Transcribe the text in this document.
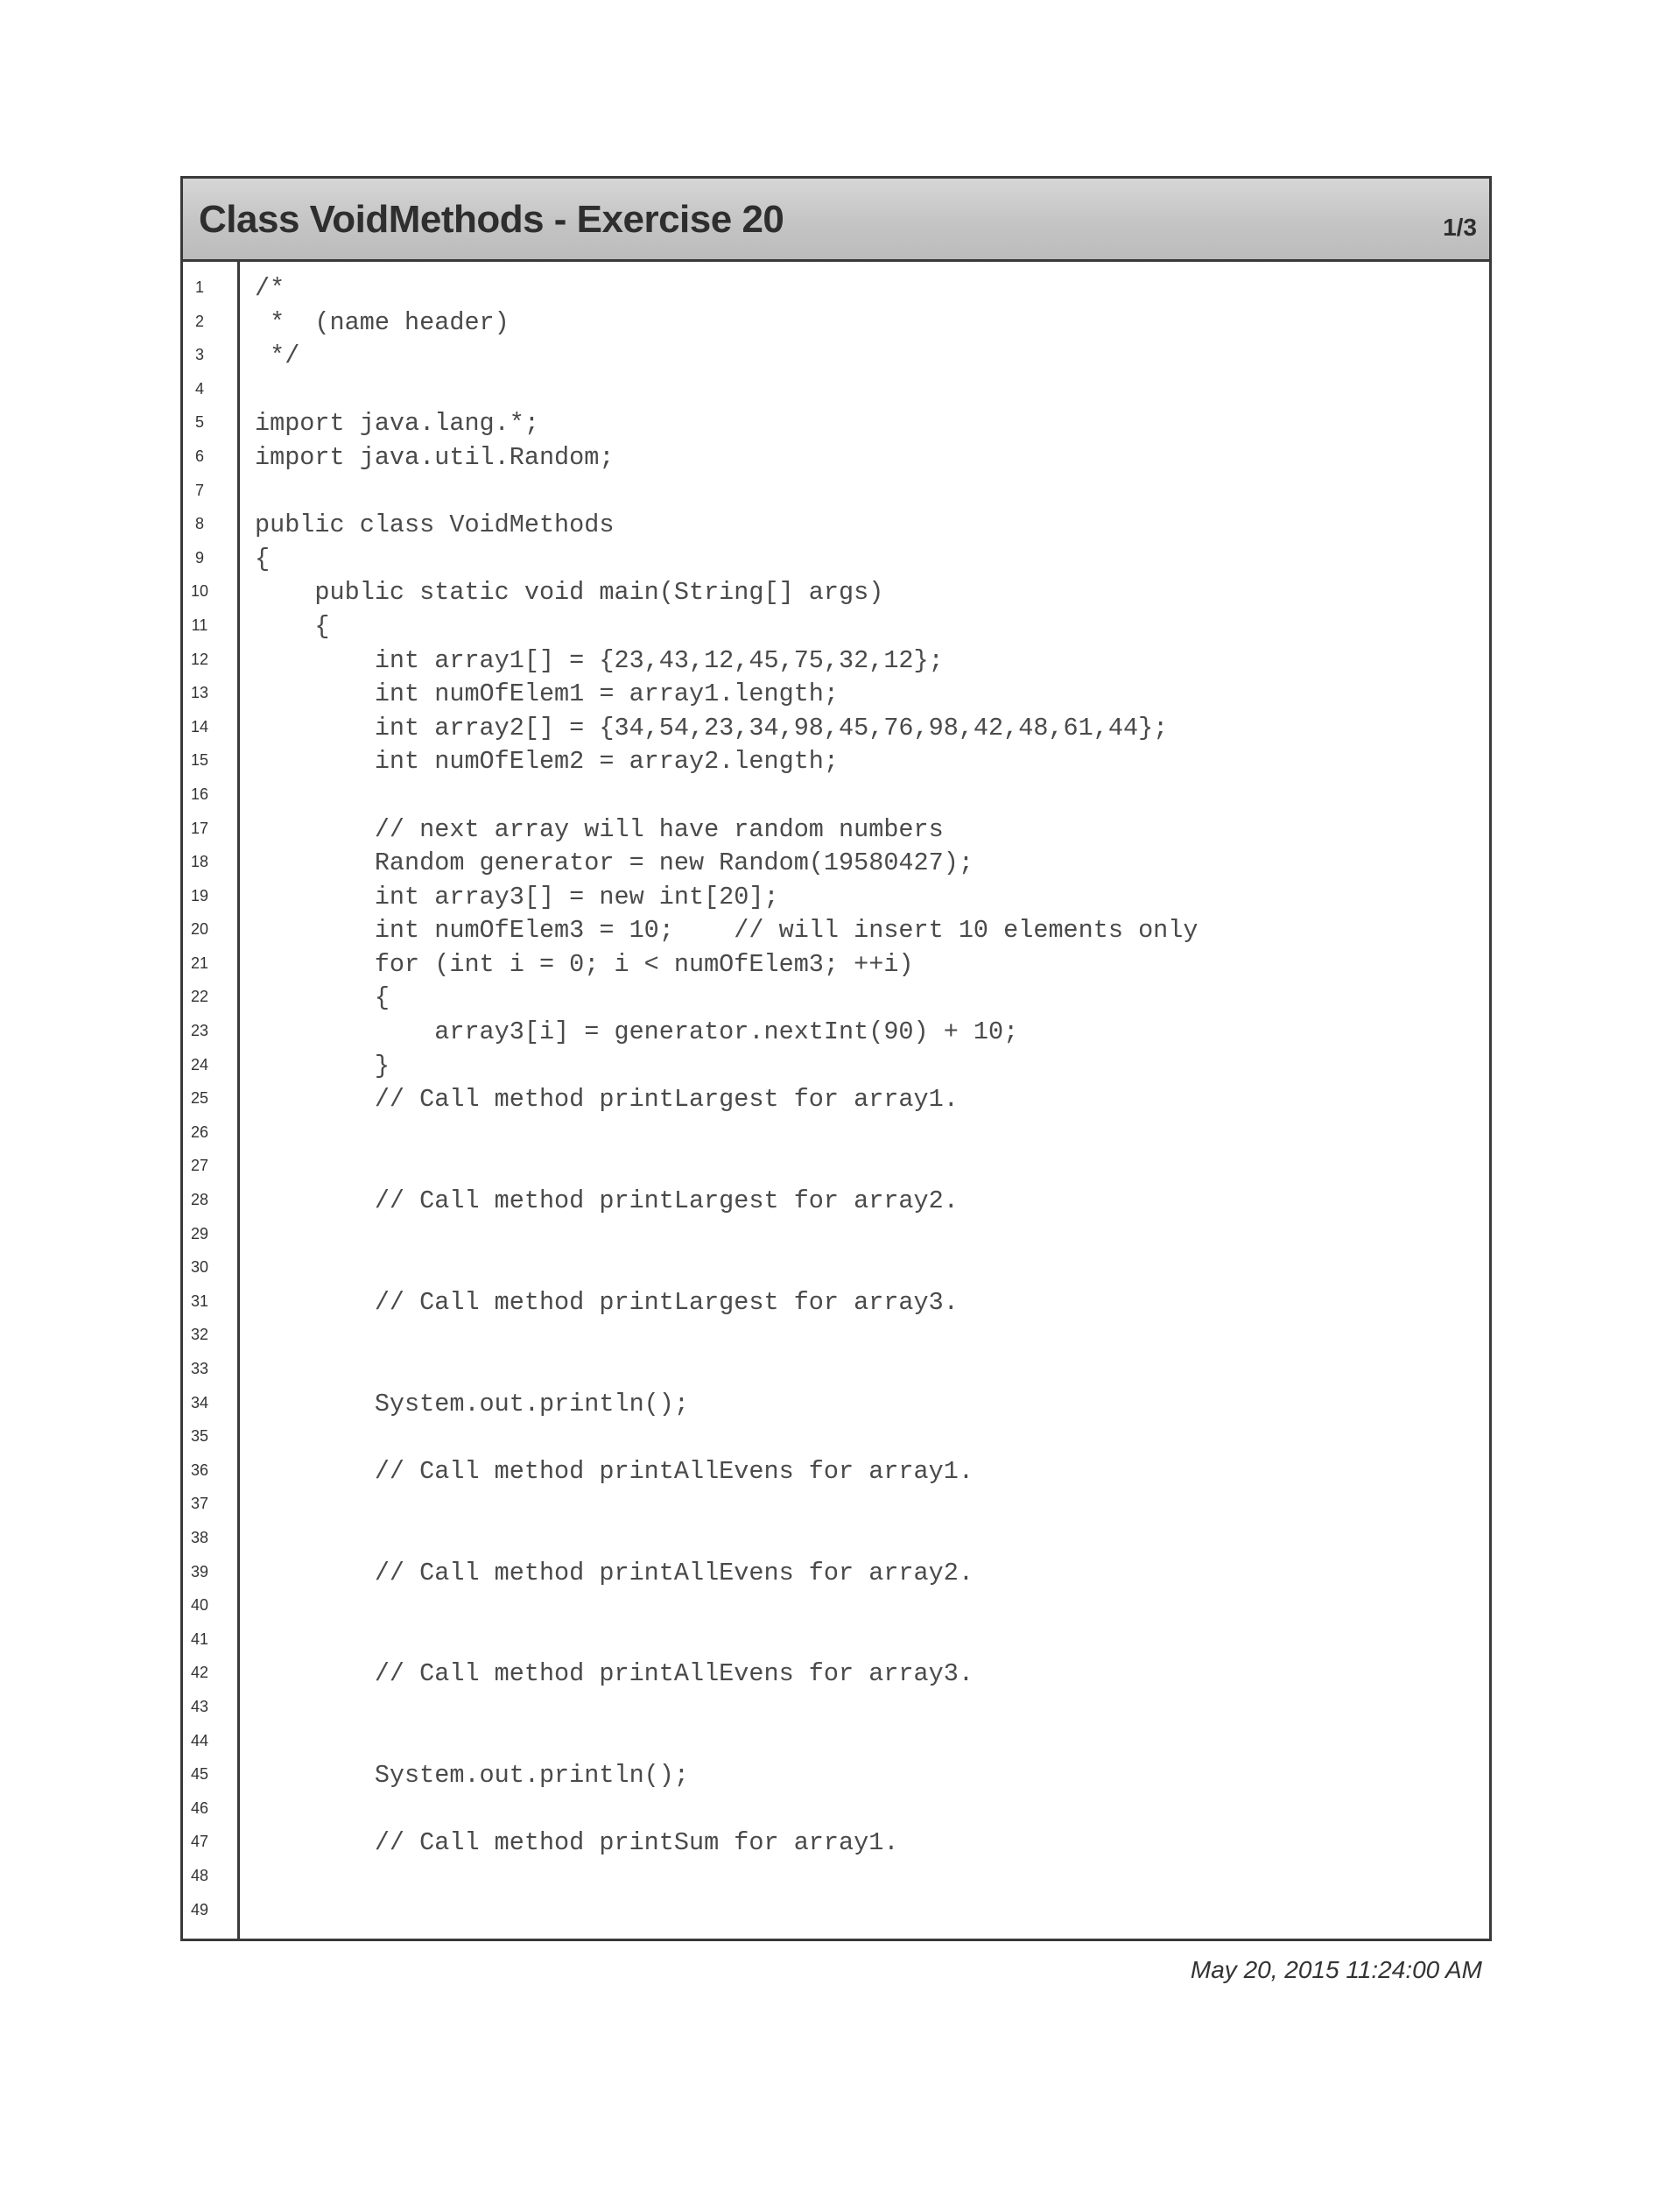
Class VoidMethods - Exercise 20	1/3
1	/*
2	*  (name header)
3	*/
4
5	import java.lang.*;
6	import java.util.Random;
7
8	public class VoidMethods
9	{
10	public static void main(String[] args)
11	{
12	int array1[] = {23,43,12,45,75,32,12};
13	int numOfElem1 = array1.length;
14	int array2[] = {34,54,23,34,98,45,76,98,42,48,61,44};
15	int numOfElem2 = array2.length;
16
17	// next array will have random numbers
18	Random generator = new Random(19580427);
19	int array3[] = new int[20];
20	int numOfElem3 = 10;    // will insert 10 elements only
21	for (int i = 0; i < numOfElem3; ++i)
22	{
23	array3[i] = generator.nextInt(90) + 10;
24	}
25	// Call method printLargest for array1.
26
27
28	// Call method printLargest for array2.
29
30
31	// Call method printLargest for array3.
32
33
34	System.out.println();
35
36	// Call method printAllEvens for array1.
37
38
39	// Call method printAllEvens for array2.
40
41
42	// Call method printAllEvens for array3.
43
44
45	System.out.println();
46
47	// Call method printSum for array1.
48
49
May 20, 2015 11:24:00 AM
